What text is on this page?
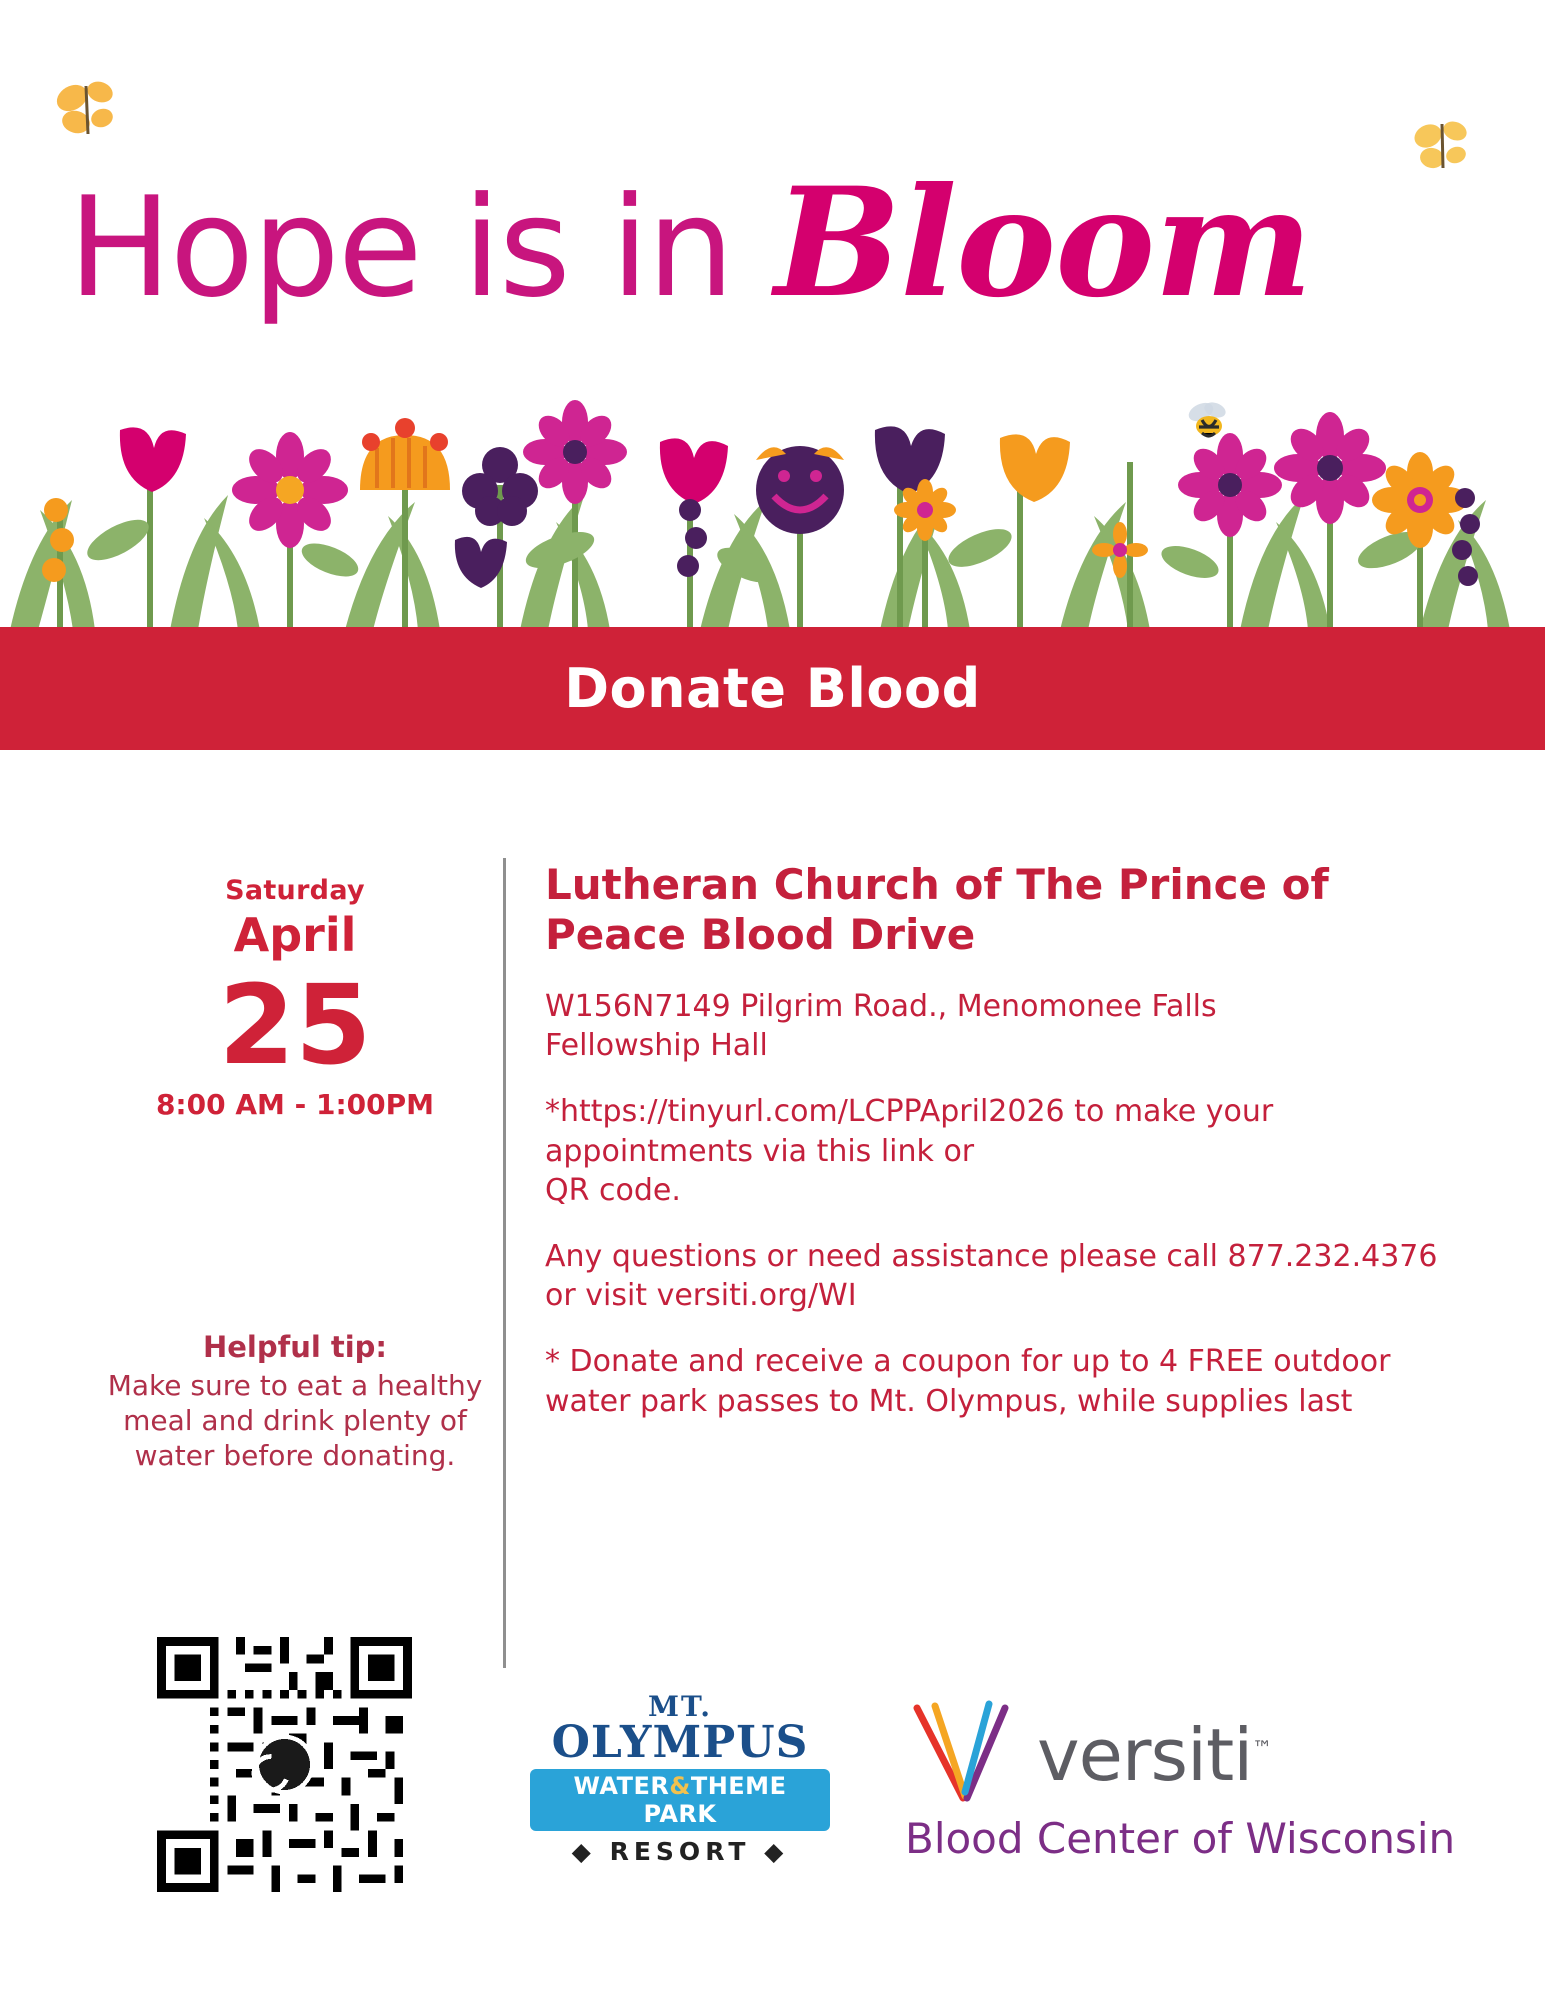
Hope is in Bloom
Donate Blood
Saturday
April
25
8:00 AM - 1:00PM
Helpful tip:
Make sure to eat a healthy meal and drink plenty of water before donating.
Lutheran Church of The Prince of Peace Blood Drive
W156N7149 Pilgrim Road., Menomonee Falls
Fellowship Hall
*https://tinyurl.com/LCPPApril2026 to make your appointments via this link or
QR code.
Any questions or need assistance please call 877.232.4376 or visit versiti.org/WI
* Donate and receive a coupon for up to 4 FREE outdoor water park passes to Mt. Olympus, while supplies last
MT.
OLYMPUS
WATER&THEME PARK
◆ RESORT ◆
versiti™
Blood Center of Wisconsin
